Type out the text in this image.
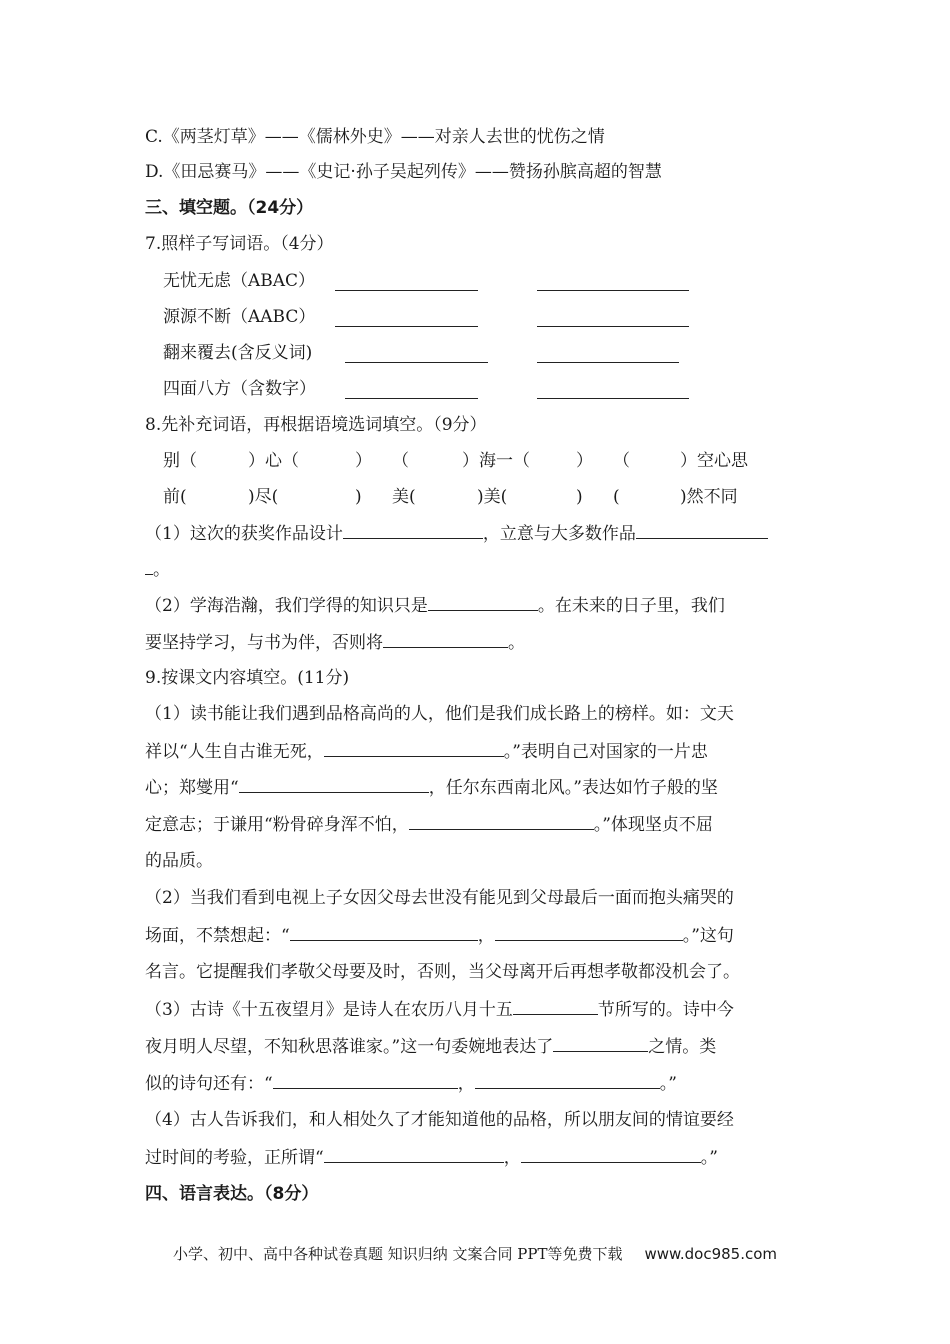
C.《两茎灯草》——《儒林外史》——对亲人去世的忧伤之情
D.《田忌赛马》——《史记·孙子吴起列传》——赞扬孙膑高超的智慧
三、填空题。（24分）
7.照样子写词语。（4分）
无忧无虑（ABAC）
源源不断（AABC）
翻来覆去(含反义词)
四面八方（含数字）
8.先补充词语，再根据语境选词填空。（9分）
别（	）心（	） （	）海一（	） （	）空心思
前(	)尽(	) 美(	)美(	) (	)然不同
（1）这次的获奖作品设计	，立意与大多数作品
。
（2）学海浩瀚，我们学得的知识只是	。在未来的日子里，我们
要坚持学习，与书为伴，否则将	。
9.按课文内容填空。(11分)
（1）读书能让我们遇到品格高尚的人，他们是我们成长路上的榜样。如：文天
祥以“人生自古谁无死，	。”表明自己对国家的一片忠
心；郑燮用“	，任尔东西南北风。”表达如竹子般的坚
定意志；于谦用“粉骨碎身浑不怕，	。”体现坚贞不屈
的品质。
（2）当我们看到电视上子女因父母去世没有能见到父母最后一面而抱头痛哭的
场面，不禁想起：“	，	。”这句
名言。它提醒我们孝敬父母要及时，否则，当父母离开后再想孝敬都没机会了。
（3）古诗《十五夜望月》是诗人在农历八月十五	节所写的。诗中今
夜月明人尽望，不知秋思落谁家。”这一句委婉地表达了	之情。类
似的诗句还有：“	，	。”
（4）古人告诉我们，和人相处久了才能知道他的品格，所以朋友间的情谊要经
过时间的考验，正所谓“	，	。”
四、语言表达。（8分）
小学、初中、高中各种试卷真题 知识归纳 文案合同 PPT等免费下载 www.doc985.com
